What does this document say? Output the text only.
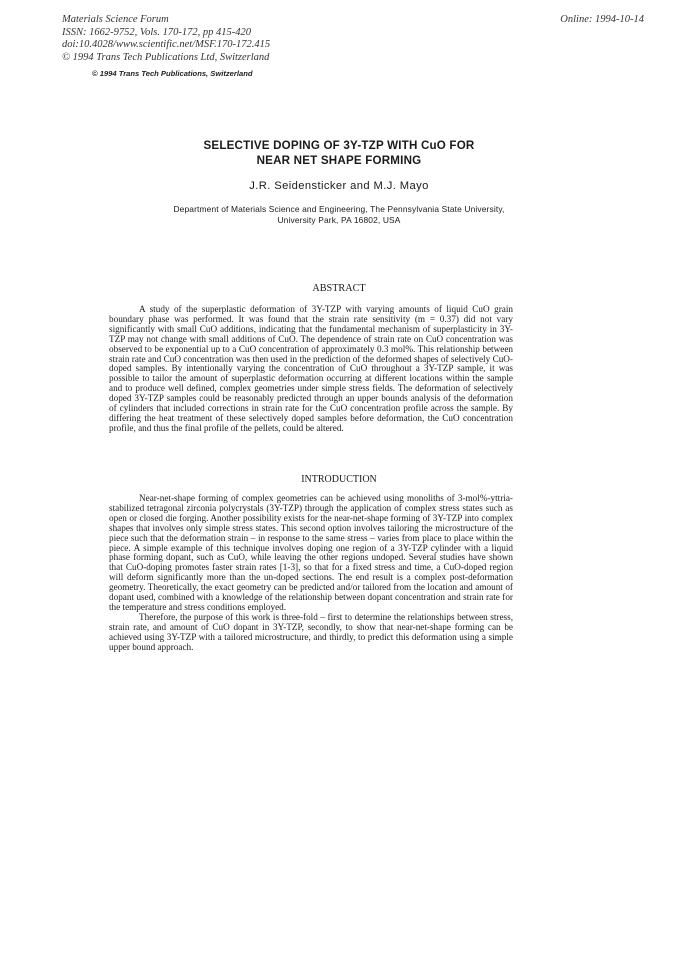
Materials Science Forum
ISSN: 1662-9752, Vols. 170-172, pp 415-420
doi:10.4028/www.scientific.net/MSF.170-172.415
© 1994 Trans Tech Publications Ltd, Switzerland
Online: 1994-10-14
© 1994 Trans Tech Publications, Switzerland
SELECTIVE DOPING OF 3Y-TZP WITH CuO FOR
NEAR NET SHAPE FORMING
J.R. Seidensticker and M.J. Mayo
Department of Materials Science and Engineering, The Pennsylvania State University,
University Park, PA 16802, USA
ABSTRACT

A study of the superplastic deformation of 3Y-TZP with varying amounts of liquid CuO grain boundary phase was performed. It was found that the strain rate sensitivity (m = 0.37) did not vary significantly with small CuO additions, indicating that the fundamental mechanism of superplasticity in 3Y-TZP may not change with small additions of CuO. The dependence of strain rate on CuO concentration was observed to be exponential up to a CuO concentration of approximately 0.3 mol%. This relationship between strain rate and CuO concentration was then used in the prediction of the deformed shapes of selectively CuO-doped samples. By intentionally varying the concentration of CuO throughout a 3Y-TZP sample, it was possible to tailor the amount of superplastic deformation occurring at different locations within the sample and to produce well defined, complex geometries under simple stress fields. The deformation of selectively doped 3Y-TZP samples could be reasonably predicted through an upper bounds analysis of the deformation of cylinders that included corrections in strain rate for the CuO concentration profile across the sample. By differing the heat treatment of these selectively doped samples before deformation, the CuO concentration profile, and thus the final profile of the pellets, could be altered.

INTRODUCTION

Near-net-shape forming of complex geometries can be achieved using monoliths of 3-mol%-yttria-stabilized tetragonal zirconia polycrystals (3Y-TZP) through the application of complex stress states such as open or closed die forging. Another possibility exists for the near-net-shape forming of 3Y-TZP into complex shapes that involves only simple stress states. This second option involves tailoring the microstructure of the piece such that the deformation strain – in response to the same stress – varies from place to place within the piece. A simple example of this technique involves doping one region of a 3Y-TZP cylinder with a liquid phase forming dopant, such as CuO, while leaving the other regions undoped. Several studies have shown that CuO-doping promotes faster strain rates [1-3], so that for a fixed stress and time, a CuO-doped region will deform significantly more than the un-doped sections. The end result is a complex post-deformation geometry. Theoretically, the exact geometry can be predicted and/or tailored from the location and amount of dopant used, combined with a knowledge of the relationship between dopant concentration and strain rate for the temperature and stress conditions employed.

Therefore, the purpose of this work is three-fold – first to determine the relationships between stress, strain rate, and amount of CuO dopant in 3Y-TZP, secondly, to show that near-net-shape forming can be achieved using 3Y-TZP with a tailored microstructure, and thirdly, to predict this deformation using a simple upper bound approach.
